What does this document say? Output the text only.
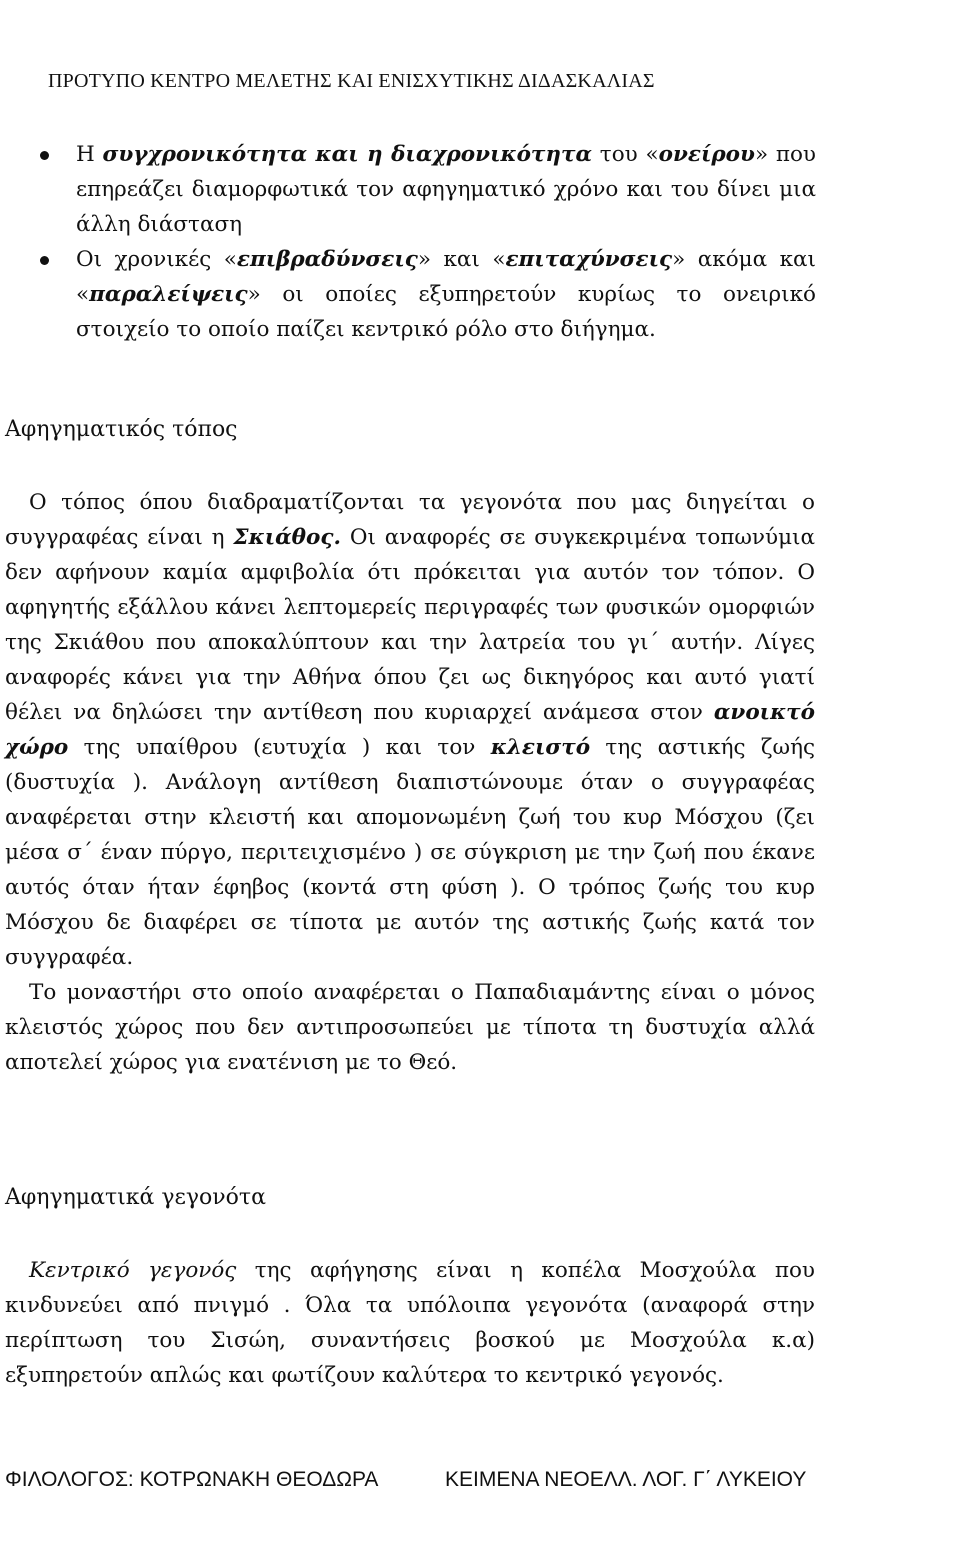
ΠΡΟΤΥΠΟ ΚΕΝΤΡΟ ΜΕΛΕΤΗΣ ΚΑΙ ΕΝΙΣΧΥΤΙΚΗΣ ΔΙΔΑΣΚΑΛΙΑΣ
Η συγχρονικότητα και η διαχρονικότητα του «ονείρου» που επηρεάζει διαμορφωτικά τον αφηγηματικό χρόνο και του δίνει μια άλλη διάσταση
Οι χρονικές «επιβραδύνσεις» και «επιταχύνσεις» ακόμα και «παραλείψεις» οι οποίες εξυπηρετούν κυρίως το ονειρικό στοιχείο το οποίο παίζει κεντρικό ρόλο στο διήγημα.
Αφηγηματικός τόπος

Ο τόπος όπου διαδραματίζονται τα γεγονότα που μας διηγείται ο συγγραφέας είναι η Σκιάθος. Οι αναφορές σε συγκεκριμένα τοπωνύμια δεν αφήνουν καμία αμφιβολία ότι πρόκειται για αυτόν τον τόπον. Ο αφηγητής εξάλλου κάνει λεπτομερείς περιγραφές των φυσικών ομορφιών της Σκιάθου που αποκαλύπτουν και την λατρεία του γι΄ αυτήν. Λίγες αναφορές κάνει για την Αθήνα όπου ζει ως δικηγόρος και αυτό γιατί θέλει να δηλώσει την αντίθεση που κυριαρχεί ανάμεσα στον ανοικτό χώρο της υπαίθρου (ευτυχία ) και τον κλειστό της αστικής ζωής (δυστυχία ). Ανάλογη αντίθεση διαπιστώνουμε όταν ο συγγραφέας αναφέρεται στην κλειστή και απομονωμένη ζωή του κυρ Μόσχου (ζει μέσα σ΄ έναν πύργο, περιτειχισμένο ) σε σύγκριση με την ζωή που έκανε αυτός όταν ήταν έφηβος (κοντά στη φύση ). Ο τρόπος ζωής του κυρ Μόσχου δε διαφέρει σε τίποτα με αυτόν της αστικής ζωής κατά τον συγγραφέα.

Το μοναστήρι στο οποίο αναφέρεται ο Παπαδιαμάντης είναι ο μόνος κλειστός χώρος που δεν αντιπροσωπεύει με τίποτα τη δυστυχία αλλά αποτελεί χώρος για ενατένιση με το Θεό.

Αφηγηματικά γεγονότα

Κεντρικό γεγονός της αφήγησης είναι η κοπέλα Μοσχούλα που κινδυνεύει από πνιγμό . Όλα τα υπόλοιπα γεγονότα (αναφορά στην περίπτωση του Σισώη, συναντήσεις βοσκού με Μοσχούλα κ.α) εξυπηρετούν απλώς και φωτίζουν καλύτερα το κεντρικό γεγονός.

ΦΙΛΟΛΟΓΟΣ: ΚΟΤΡΩΝΑΚΗ ΘΕΟΔΩΡΑ	ΚΕΙΜΕΝΑ ΝΕΟΕΛΛ. ΛΟΓ. Γ΄ ΛΥΚΕΙΟΥ
